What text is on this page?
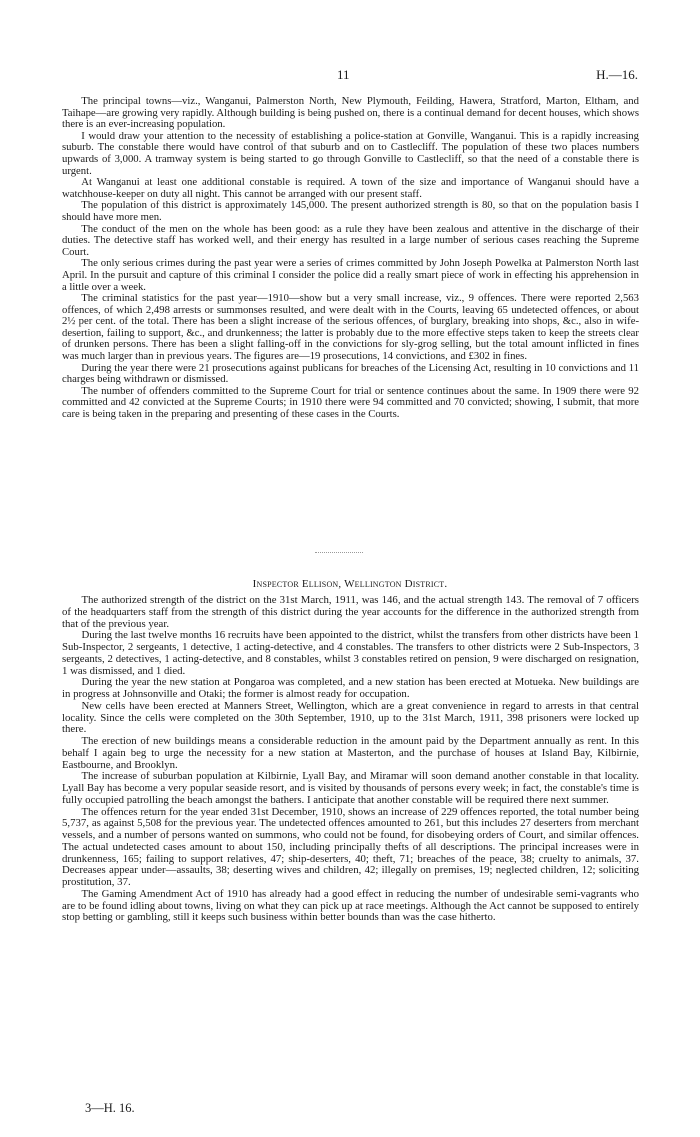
11	H.—16.

The principal towns—viz., Wanganui, Palmerston North, New Plymouth, Feilding, Hawera, Stratford, Marton, Eltham, and Taihape—are growing very rapidly. Although building is being pushed on, there is a continual demand for decent houses, which shows there is an ever-increasing population.

I would draw your attention to the necessity of establishing a police-station at Gonville, Wanganui. This is a rapidly increasing suburb. The constable there would have control of that suburb and on to Castlecliff. The population of these two places numbers upwards of 3,000. A tramway system is being started to go through Gonville to Castlecliff, so that the need of a constable there is urgent.

At Wanganui at least one additional constable is required. A town of the size and importance of Wanganui should have a watchhouse-keeper on duty all night. This cannot be arranged with our present staff.

The population of this district is approximately 145,000. The present authorized strength is 80, so that on the population basis I should have more men.

The conduct of the men on the whole has been good: as a rule they have been zealous and attentive in the discharge of their duties. The detective staff has worked well, and their energy has resulted in a large number of serious cases reaching the Supreme Court.

The only serious crimes during the past year were a series of crimes committed by John Joseph Powelka at Palmerston North last April. In the pursuit and capture of this criminal I consider the police did a really smart piece of work in effecting his apprehension in a little over a week.

The criminal statistics for the past year—1910—show but a very small increase, viz., 9 offences. There were reported 2,563 offences, of which 2,498 arrests or summonses resulted, and were dealt with in the Courts, leaving 65 undetected offences, or about 2½ per cent. of the total. There has been a slight increase of the serious offences, of burglary, breaking into shops, &c., also in wife-desertion, failing to support, &c., and drunkenness; the latter is probably due to the more effective steps taken to keep the streets clear of drunken persons. There has been a slight falling-off in the convictions for sly-grog selling, but the total amount inflicted in fines was much larger than in previous years. The figures are—19 prosecutions, 14 convictions, and £302 in fines.

During the year there were 21 prosecutions against publicans for breaches of the Licensing Act, resulting in 10 convictions and 11 charges being withdrawn or dismissed.

The number of offenders committed to the Supreme Court for trial or sentence continues about the same. In 1909 there were 92 committed and 42 convicted at the Supreme Courts; in 1910 there were 94 committed and 70 convicted; showing, I submit, that more care is being taken in the preparing and presenting of these cases in the Courts.

Inspector Ellison, Wellington District.

The authorized strength of the district on the 31st March, 1911, was 146, and the actual strength 143. The removal of 7 officers of the headquarters staff from the strength of this district during the year accounts for the difference in the authorized strength from that of the previous year.

During the last twelve months 16 recruits have been appointed to the district, whilst the transfers from other districts have been 1 Sub-Inspector, 2 sergeants, 1 detective, 1 acting-detective, and 4 constables. The transfers to other districts were 2 Sub-Inspectors, 3 sergeants, 2 detectives, 1 acting-detective, and 8 constables, whilst 3 constables retired on pension, 9 were discharged on resignation, 1 was dismissed, and 1 died.

During the year the new station at Pongaroa was completed, and a new station has been erected at Motueka. New buildings are in progress at Johnsonville and Otaki; the former is almost ready for occupation.

New cells have been erected at Manners Street, Wellington, which are a great convenience in regard to arrests in that central locality. Since the cells were completed on the 30th September, 1910, up to the 31st March, 1911, 398 prisoners were locked up there.

The erection of new buildings means a considerable reduction in the amount paid by the Department annually as rent. In this behalf I again beg to urge the necessity for a new station at Masterton, and the purchase of houses at Island Bay, Kilbirnie, Eastbourne, and Brooklyn.

The increase of suburban population at Kilbirnie, Lyall Bay, and Miramar will soon demand another constable in that locality. Lyall Bay has become a very popular seaside resort, and is visited by thousands of persons every week; in fact, the constable's time is fully occupied patrolling the beach amongst the bathers. I anticipate that another constable will be required there next summer.

The offences return for the year ended 31st December, 1910, shows an increase of 229 offences reported, the total number being 5,737, as against 5,508 for the previous year. The undetected offences amounted to 261, but this includes 27 deserters from merchant vessels, and a number of persons wanted on summons, who could not be found, for disobeying orders of Court, and similar offences. The actual undetected cases amount to about 150, including principally thefts of all descriptions. The principal increases were in drunkenness, 165; failing to support relatives, 47; ship-deserters, 40; theft, 71; breaches of the peace, 38; cruelty to animals, 37. Decreases appear under—assaults, 38; deserting wives and children, 42; illegally on premises, 19; neglected children, 12; soliciting prostitution, 37.

The Gaming Amendment Act of 1910 has already had a good effect in reducing the number of undesirable semi-vagrants who are to be found idling about towns, living on what they can pick up at race meetings. Although the Act cannot be supposed to entirely stop betting or gambling, still it keeps such business within better bounds than was the case hitherto.

3—H. 16.
